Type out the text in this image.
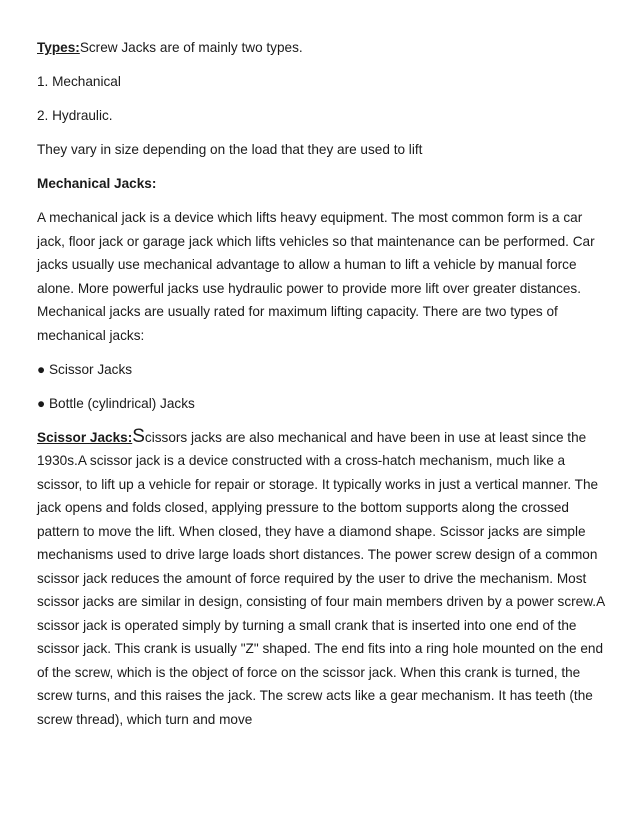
Types:Screw Jacks are of mainly two types.

1. Mechanical

2. Hydraulic.

They vary in size depending on the load that they are used to lift

Mechanical Jacks:

A mechanical jack is a device which lifts heavy equipment. The most common form is a car jack, floor jack or garage jack which lifts vehicles so that maintenance can be performed. Car jacks usually use mechanical advantage to allow a human to lift a vehicle by manual force alone. More powerful jacks use hydraulic power to provide more lift over greater distances. Mechanical jacks are usually rated for maximum lifting capacity. There are two types of mechanical jacks:

● Scissor Jacks

● Bottle (cylindrical) Jacks

Scissor Jacks:Scissors jacks are also mechanical and have been in use at least since the 1930s.A scissor jack is a device constructed with a cross-hatch mechanism, much like a scissor, to lift up a vehicle for repair or storage. It typically works in just a vertical manner. The jack opens and folds closed, applying pressure to the bottom supports along the crossed pattern to move the lift. When closed, they have a diamond shape. Scissor jacks are simple mechanisms used to drive large loads short distances. The power screw design of a common scissor jack reduces the amount of force required by the user to drive the mechanism. Most scissor jacks are similar in design, consisting of four main members driven by a power screw.A scissor jack is operated simply by turning a small crank that is inserted into one end of the scissor jack. This crank is usually "Z" shaped. The end fits into a ring hole mounted on the end of the screw, which is the object of force on the scissor jack. When this crank is turned, the screw turns, and this raises the jack. The screw acts like a gear mechanism. It has teeth (the screw thread), which turn and move
